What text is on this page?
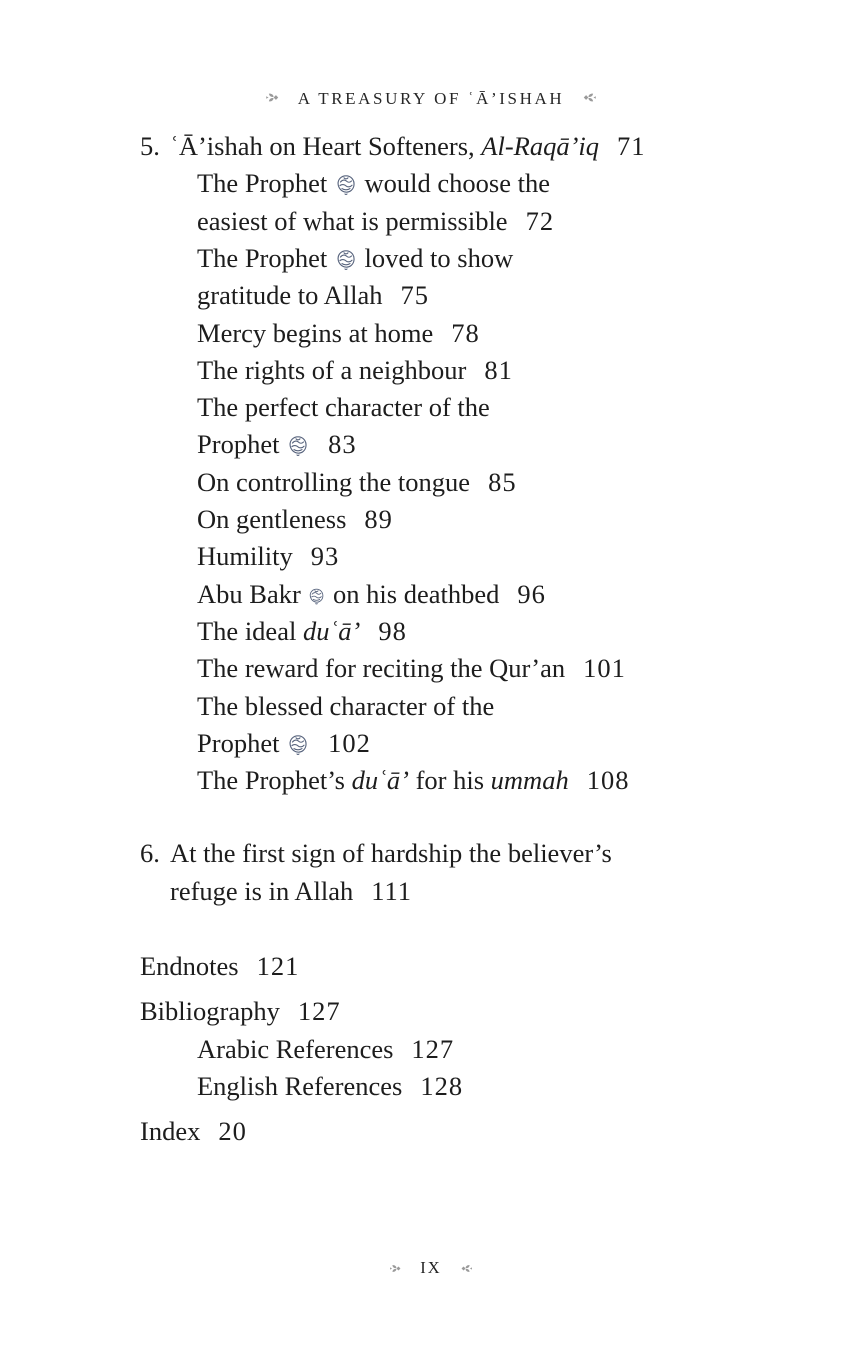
A TREASURY OF ʿĀ’ISHAH
5. ʿĀ’ishah on Heart Softeners, Al-Raqā’iq 71
The Prophet  would choose the
easiest of what is permissible 72
The Prophet  loved to show
gratitude to Allah 75
Mercy begins at home 78
The rights of a neighbour 81
The perfect character of the
Prophet 83
On controlling the tongue 85
On gentleness 89
Humility 93
Abu Bakr  on his deathbed 96
The ideal duʿā’ 98
The reward for reciting the Qur’an 101
The blessed character of the
Prophet 102
The Prophet’s duʿā’ for his ummah 108
6. At the first sign of hardship the believer’s
refuge is in Allah 111
Endnotes 121
Bibliography 127
Arabic References 127
English References 128
Index 20
IX
